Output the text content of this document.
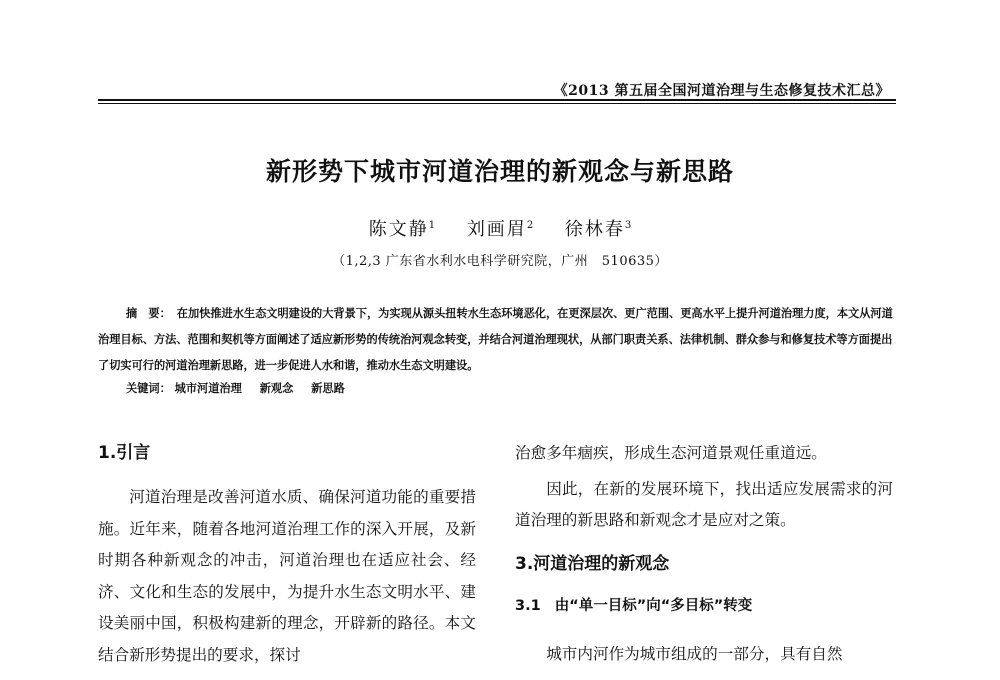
《2013 第五届全国河道治理与生态修复技术汇总》
新形势下城市河道治理的新观念与新思路
陈文静$^1$ 刘画眉$^2$ 徐林春$^3$
（1,2,3 广东省水利水电科学研究院，广州　510635）
摘　要： 在加快推进水生态文明建设的大背景下，为实现从源头扭转水生态环境恶化，在更深层次、更广范围、更高水平上提升河道治理力度，本文从河道治理目标、方法、范围和契机等方面阐述了适应新形势的传统治河观念转变，并结合河道治理现状，从部门职责关系、法律机制、群众参与和修复技术等方面提出了切实可行的河道治理新思路，进一步促进人水和谐，推动水生态文明建设。
关键词： 城市河道治理 新观念 新思路
1.引言

河道治理是改善河道水质、确保河道功能的重要措施。近年来，随着各地河道治理工作的深入开展，及新时期各种新观念的冲击，河道治理也在适应社会、经济、文化和生态的发展中，为提升水生态文明水平、建设美丽中国，积极构建新的理念，开辟新的路径。本文结合新形势提出的要求，探讨

治愈多年痼疾，形成生态河道景观任重道远。

因此，在新的发展环境下，找出适应发展需求的河道治理的新思路和新观念才是应对之策。

3.河道治理的新观念
3.1 由“单一目标”向“多目标”转变

城市内河作为城市组成的一部分，具有自然
